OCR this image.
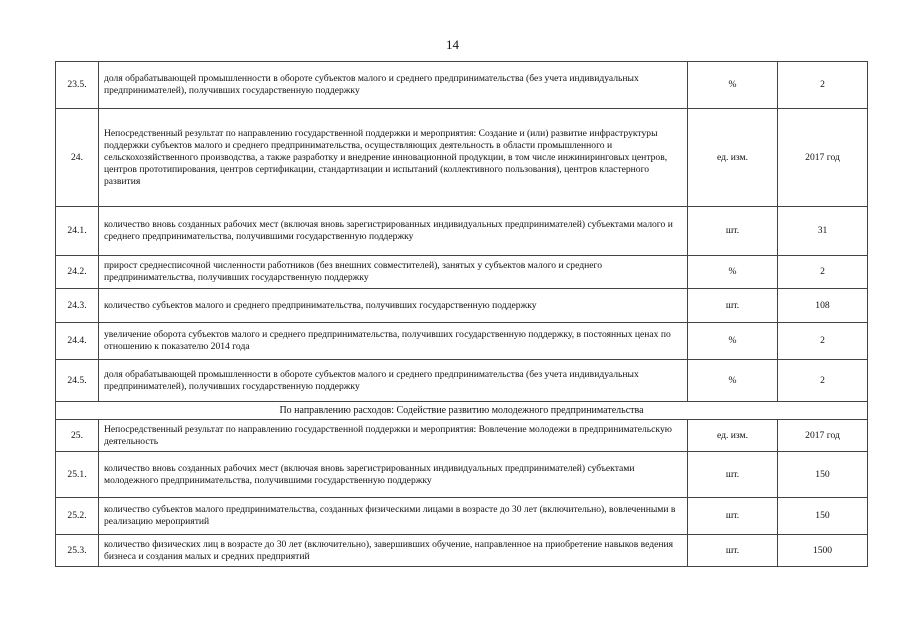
14
23.5.	доля обрабатывающей промышленности в обороте субъектов малого и среднего предпринимательства (без учета индивидуальных предпринимателей), получивших государственную поддержку	%	2
24.	Непосредственный результат по направлению государственной поддержки и мероприятия: Создание и (или) развитие инфраструктуры поддержки субъектов малого и среднего предпринимательства, осуществляющих деятельность в области промышленного и сельскохозяйственного производства, а также разработку и внедрение инновационной продукции, в том числе инжиниринговых центров, центров прототипирования, центров сертификации, стандартизации и испытаний (коллективного пользования), центров кластерного развития	ед. изм.	2017 год
24.1.	количество вновь созданных рабочих мест (включая вновь зарегистрированных индивидуальных предпринимателей) субъектами малого и среднего предпринимательства, получившими государственную поддержку	шт.	31
24.2.	прирост среднесписочной численности работников (без внешних совместителей), занятых у субъектов малого и среднего предпринимательства, получивших государственную поддержку	%	2
24.3.	количество субъектов малого и среднего предпринимательства, получивших государственную поддержку	шт.	108
24.4.	увеличение оборота субъектов малого и среднего предпринимательства, получивших государственную поддержку, в постоянных ценах по отношению к показателю 2014 года	%	2
24.5.	доля обрабатывающей промышленности в обороте субъектов малого и среднего предпринимательства (без учета индивидуальных предпринимателей), получивших государственную поддержку	%	2
По направлению расходов: Содействие развитию молодежного предпринимательства			
25.	Непосредственный результат по направлению государственной поддержки и мероприятия: Вовлечение молодежи в предпринимательскую деятельность	ед. изм.	2017 год
25.1.	количество вновь созданных рабочих мест (включая вновь зарегистрированных индивидуальных предпринимателей) субъектами молодежного предпринимательства, получившими государственную поддержку	шт.	150
25.2.	количество субъектов малого предпринимательства, созданных физическими лицами в возрасте до 30 лет (включительно), вовлеченными в реализацию мероприятий	шт.	150
25.3.	количество физических лиц в возрасте до 30 лет (включительно), завершивших обучение, направленное на приобретение навыков ведения бизнеса и создания малых и средних предприятий	шт.	1500
